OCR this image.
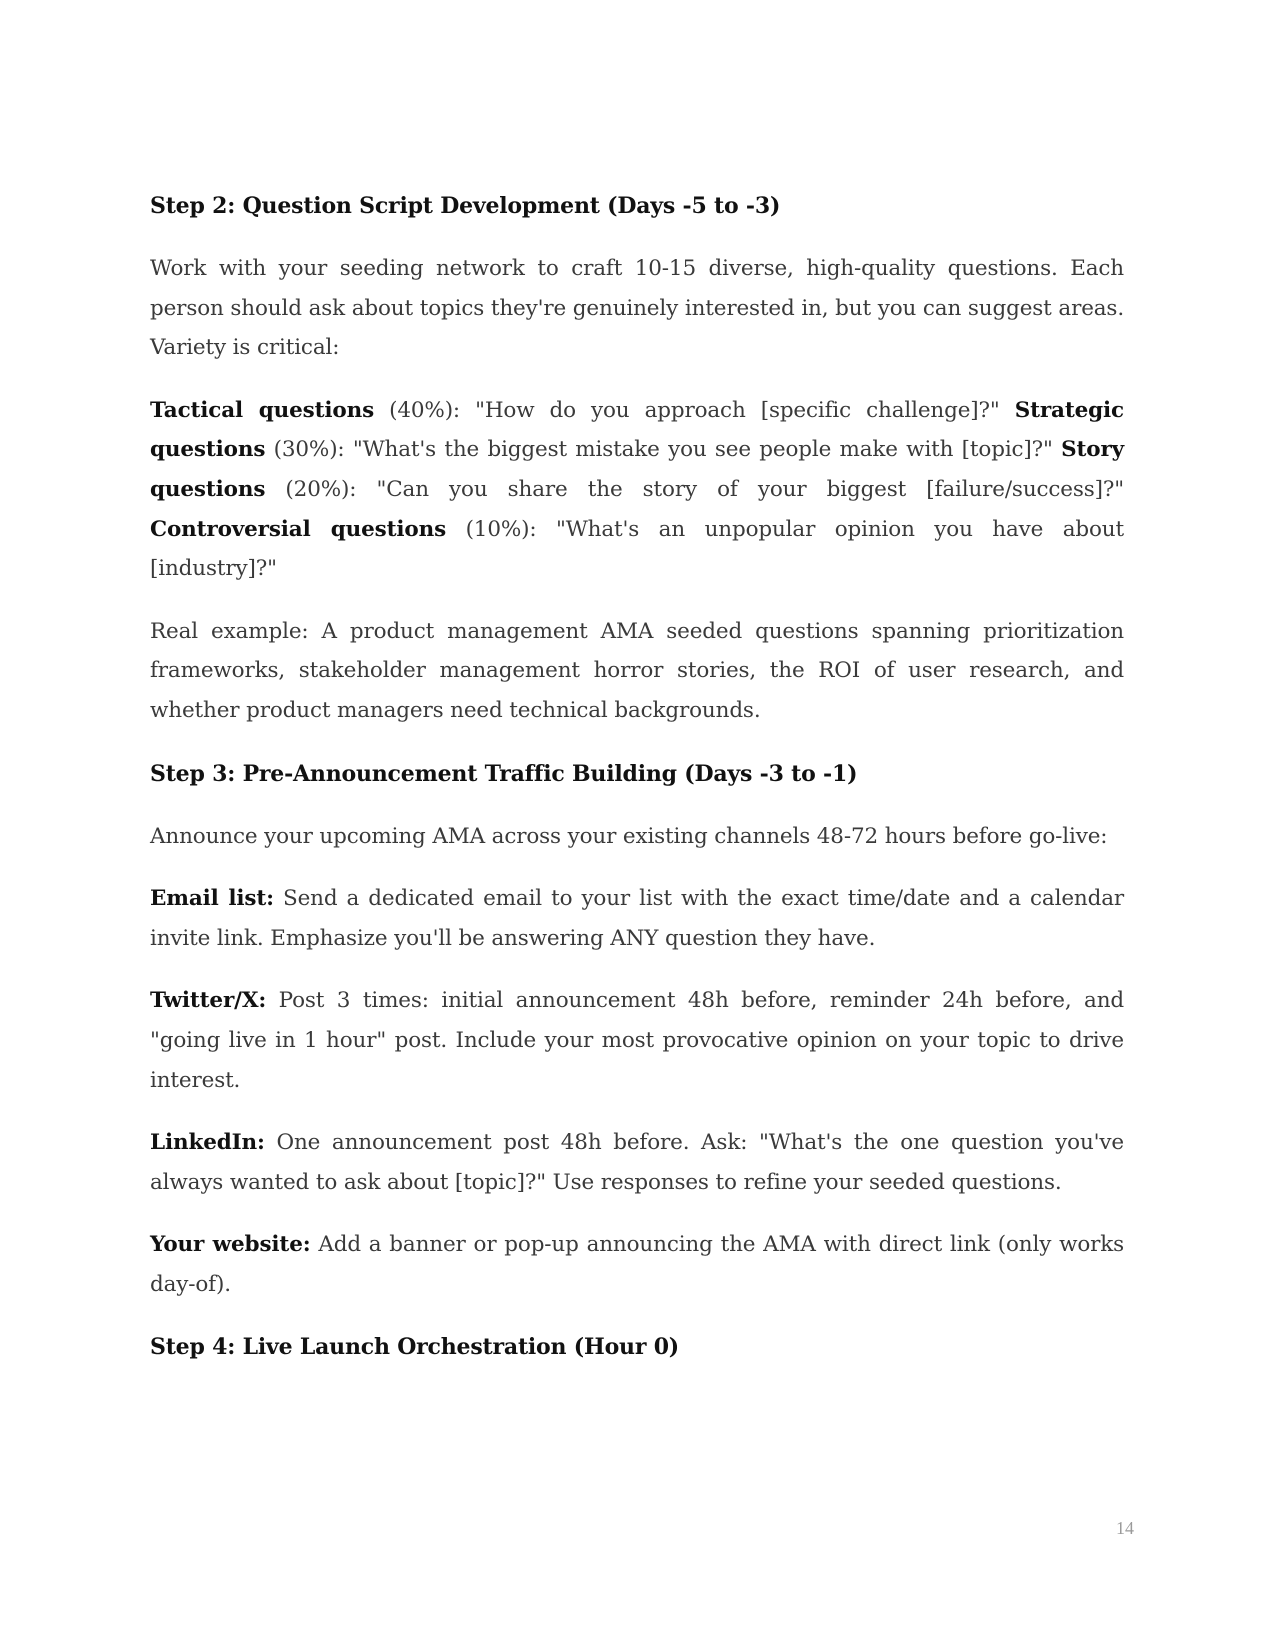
Step 2: Question Script Development (Days -5 to -3)

Work with your seeding network to craft 10-15 diverse, high-quality questions. Each person should ask about topics they're genuinely interested in, but you can suggest areas. Variety is critical:

Tactical questions (40%): "How do you approach [specific challenge]?" Strategic questions (30%): "What's the biggest mistake you see people make with [topic]?" Story questions (20%): "Can you share the story of your biggest [failure/success]?" Controversial questions (10%): "What's an unpopular opinion you have about [industry]?"

Real example: A product management AMA seeded questions spanning prioritization frameworks, stakeholder management horror stories, the ROI of user research, and whether product managers need technical backgrounds.

Step 3: Pre-Announcement Traffic Building (Days -3 to -1)

Announce your upcoming AMA across your existing channels 48-72 hours before go-live:

Email list: Send a dedicated email to your list with the exact time/date and a calendar invite link. Emphasize you'll be answering ANY question they have.

Twitter/X: Post 3 times: initial announcement 48h before, reminder 24h before, and "going live in 1 hour" post. Include your most provocative opinion on your topic to drive interest.

LinkedIn: One announcement post 48h before. Ask: "What's the one question you've always wanted to ask about [topic]?" Use responses to refine your seeded questions.

Your website: Add a banner or pop-up announcing the AMA with direct link (only works day-of).

Step 4: Live Launch Orchestration (Hour 0)
14
